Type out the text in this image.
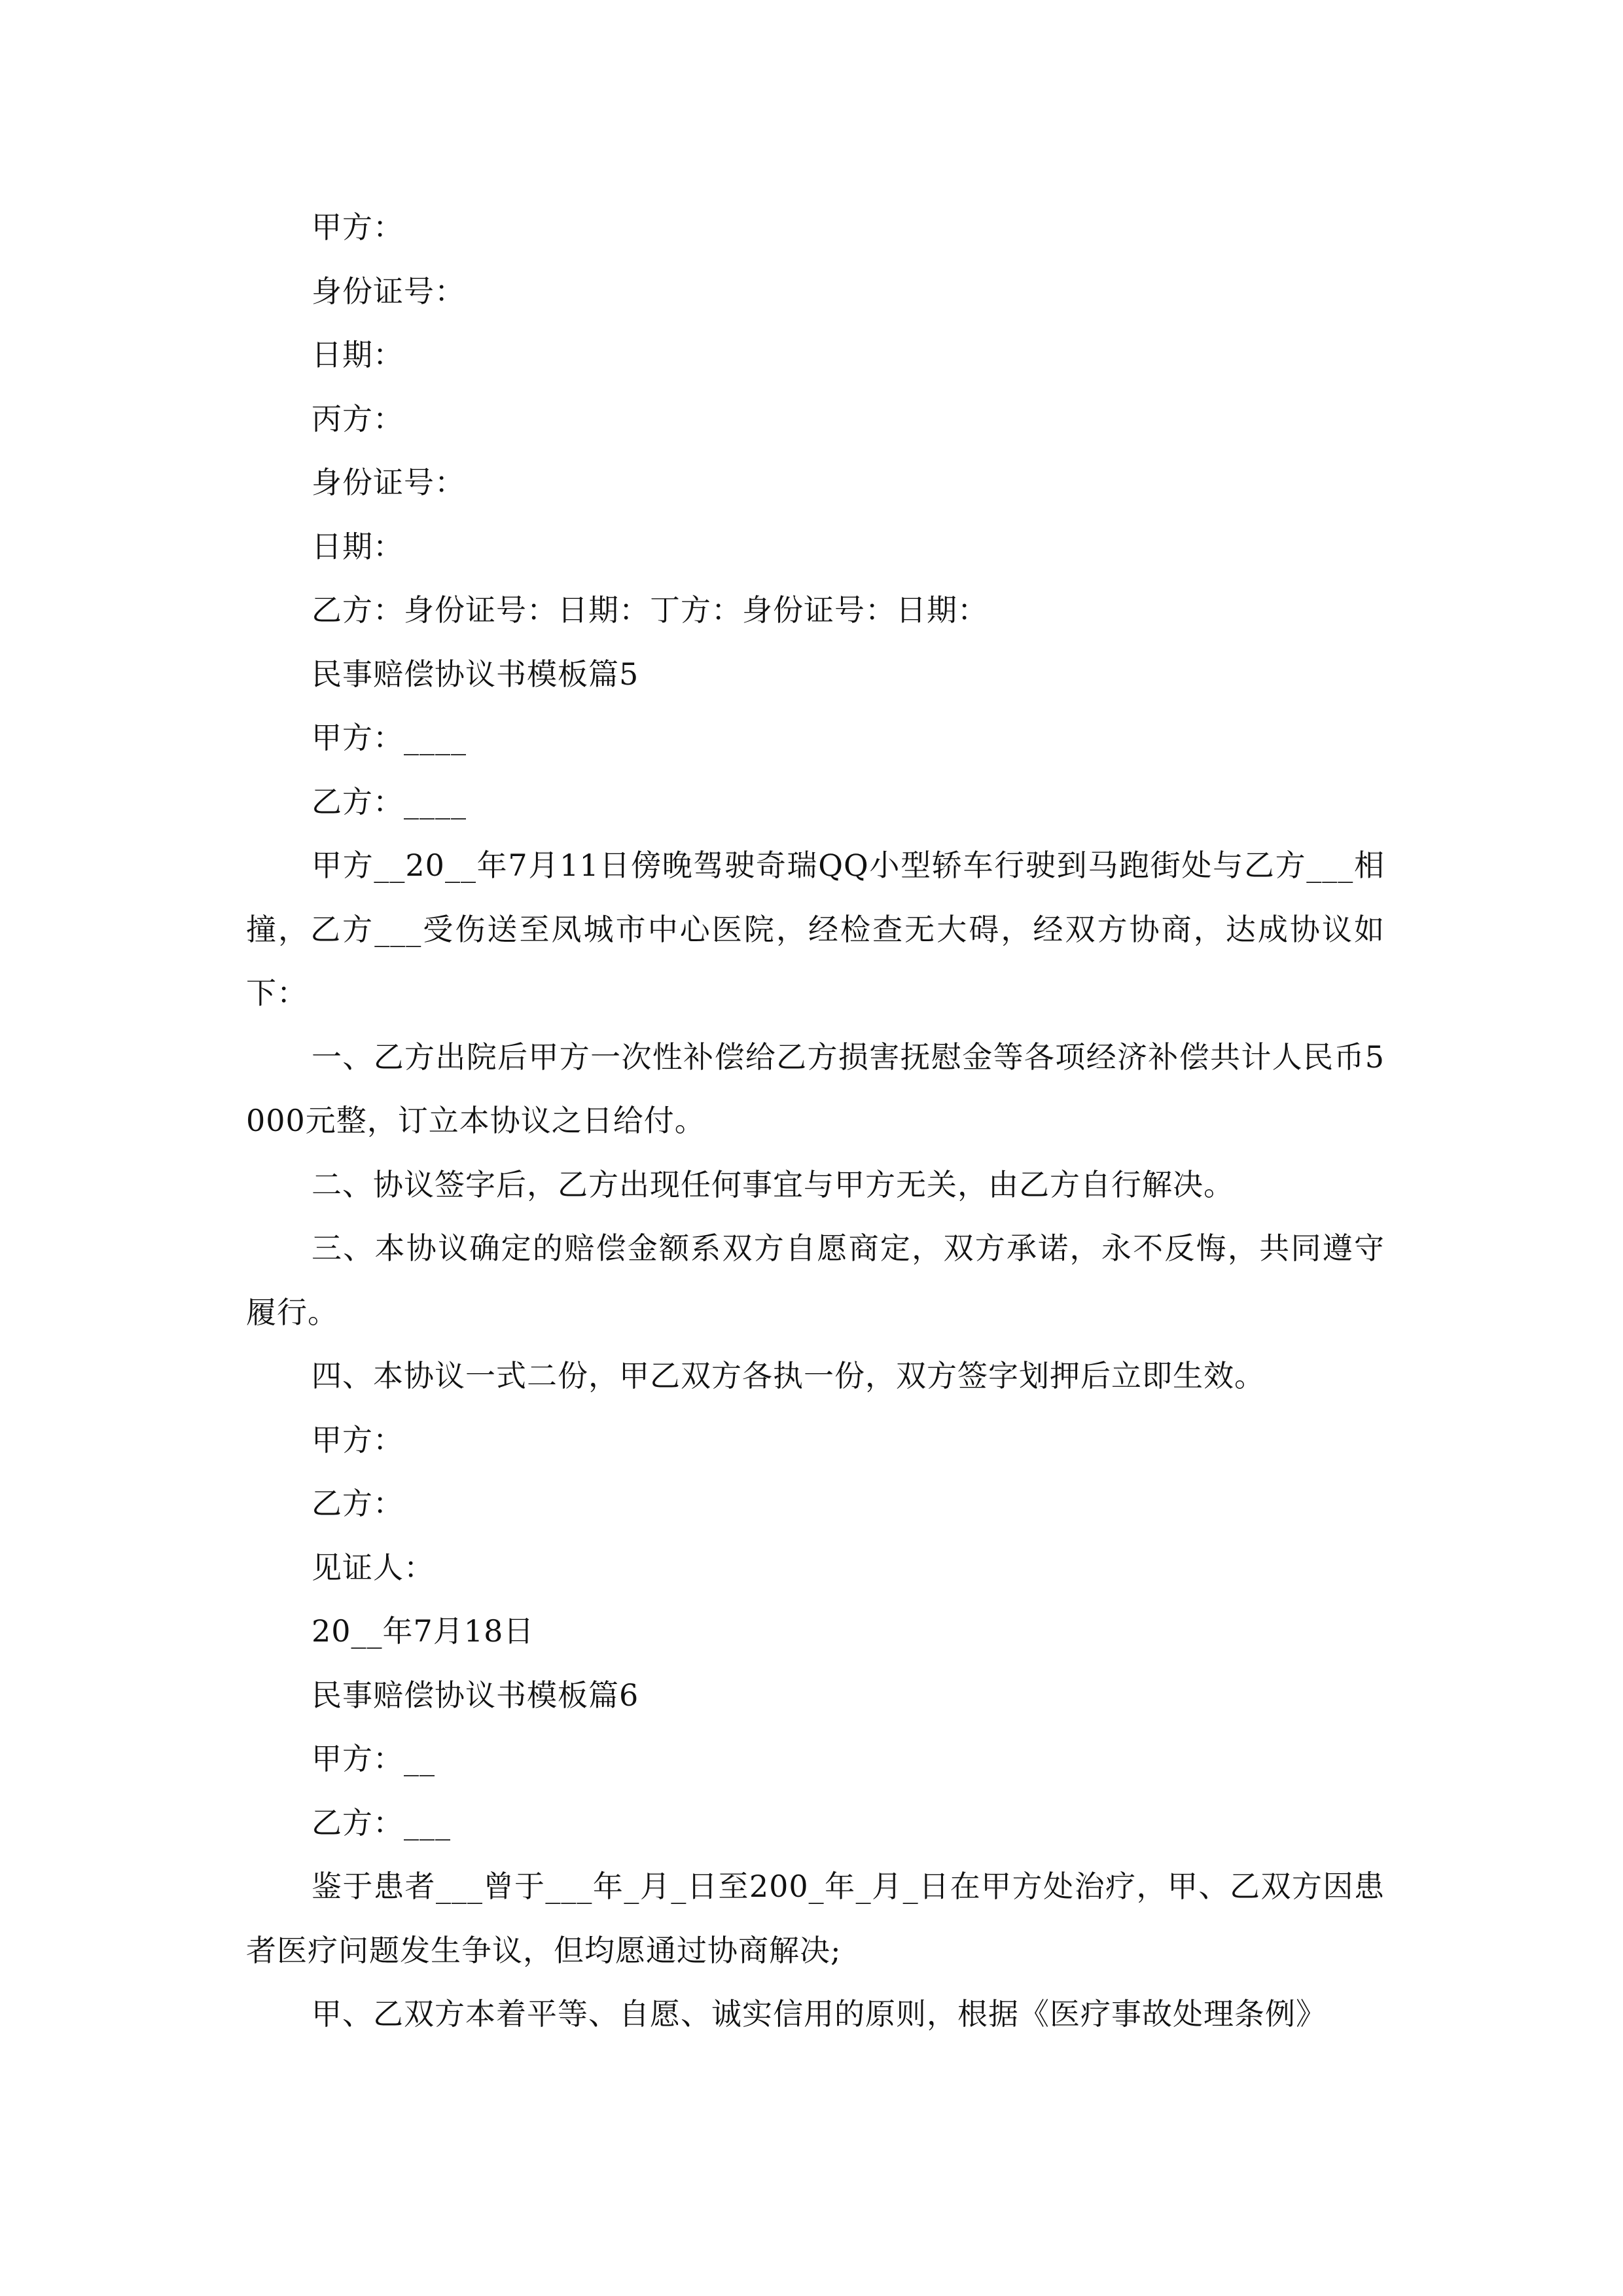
甲方：

身份证号：

日期：

丙方：

身份证号：

日期：

乙方：身份证号：日期：丁方：身份证号：日期：

民事赔偿协议书模板篇5

甲方：____

乙方：____

甲方__20__年7月11日傍晚驾驶奇瑞QQ小型轿车行驶到马跑街处与乙方___相撞，乙方___受伤送至凤城市中心医院，经检查无大碍，经双方协商，达成协议如下：

一、乙方出院后甲方一次性补偿给乙方损害抚慰金等各项经济补偿共计人民币5000元整，订立本协议之日给付。

二、协议签字后，乙方出现任何事宜与甲方无关，由乙方自行解决。

三、本协议确定的赔偿金额系双方自愿商定，双方承诺，永不反悔，共同遵守履行。

四、本协议一式二份，甲乙双方各执一份，双方签字划押后立即生效。

甲方：

乙方：

见证人：

20__年7月18日

民事赔偿协议书模板篇6

甲方：__

乙方：___

鉴于患者___曾于___年_月_日至200_年_月_日在甲方处治疗，甲、乙双方因患者医疗问题发生争议，但均愿通过协商解决;

甲、乙双方本着平等、自愿、诚实信用的原则，根据《医疗事故处理条例》
